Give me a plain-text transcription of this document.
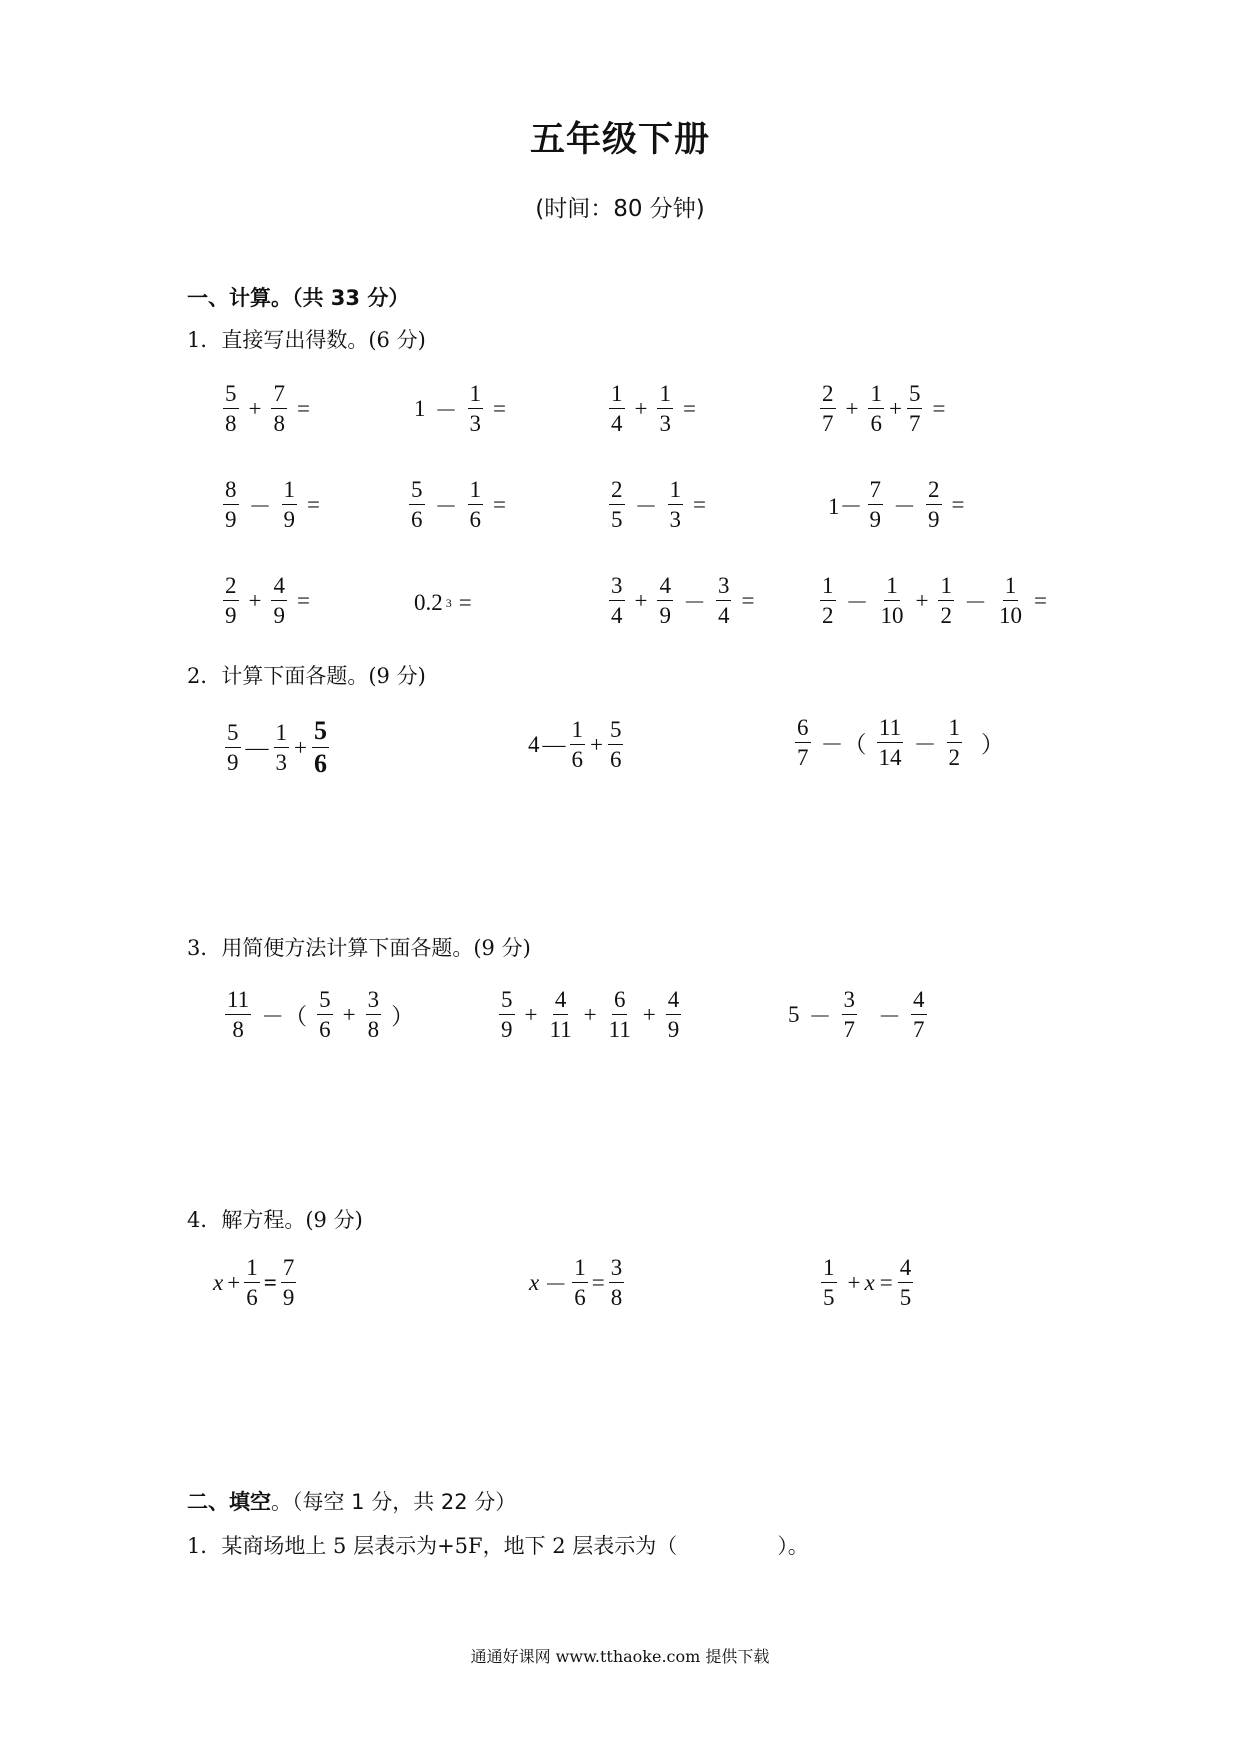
五年级下册
(时间：80 分钟)
一、计算。（共 33 分）
1．直接写出得数。(6 分)
$\frac{5}{8} + \frac{7}{8}$ =	$1 - \frac{1}{3}$ =	$\frac{1}{4} + \frac{1}{3}$ =	$\frac{2}{7} + \frac{1}{6} + \frac{5}{7}$ =
$\frac{8}{9} - \frac{1}{9}$ =	$\frac{5}{6} - \frac{1}{6}$ =	$\frac{2}{5} - \frac{1}{3}$ =	$1- \frac{7}{9} - \frac{2}{9}$ =
$\frac{2}{9} + \frac{4}{9}$ =	0.2 3 =	$\frac{3}{4} + \frac{4}{9} - \frac{3}{4}$ =	$\frac{1}{2} - \frac{1}{10} + \frac{1}{2} - \frac{1}{10}$ =
2．计算下面各题。(9 分)
$\frac{5}{9}$ — $\frac{1}{3} + \frac{5}{6}$	4 — $\frac{1}{6} + \frac{5}{6}$	$\frac{6}{7}$ －（ $\frac{11}{14} - \frac{1}{2}$ ）
3．用简便方法计算下面各题。(9 分)
$\frac{11}{8}$ －（ $\frac{5}{6} + \frac{3}{8}$ ）	$\frac{5}{9} + \frac{4}{11} + \frac{6}{11} + \frac{4}{9}$	$5 - \frac{3}{7} - \frac{4}{7}$
4．解方程。(9 分)
$x + \frac{1}{6} = \frac{7}{9}$	$x - \frac{1}{6} = \frac{3}{8}$	$\frac{1}{5} + x = \frac{4}{5}$
二、填空。（每空 1 分，共 22 分）
1．某商场地上 5 层表示为+5F，地下 2 层表示为（	）。
通通好课网 www.tthaoke.com 提供下载
